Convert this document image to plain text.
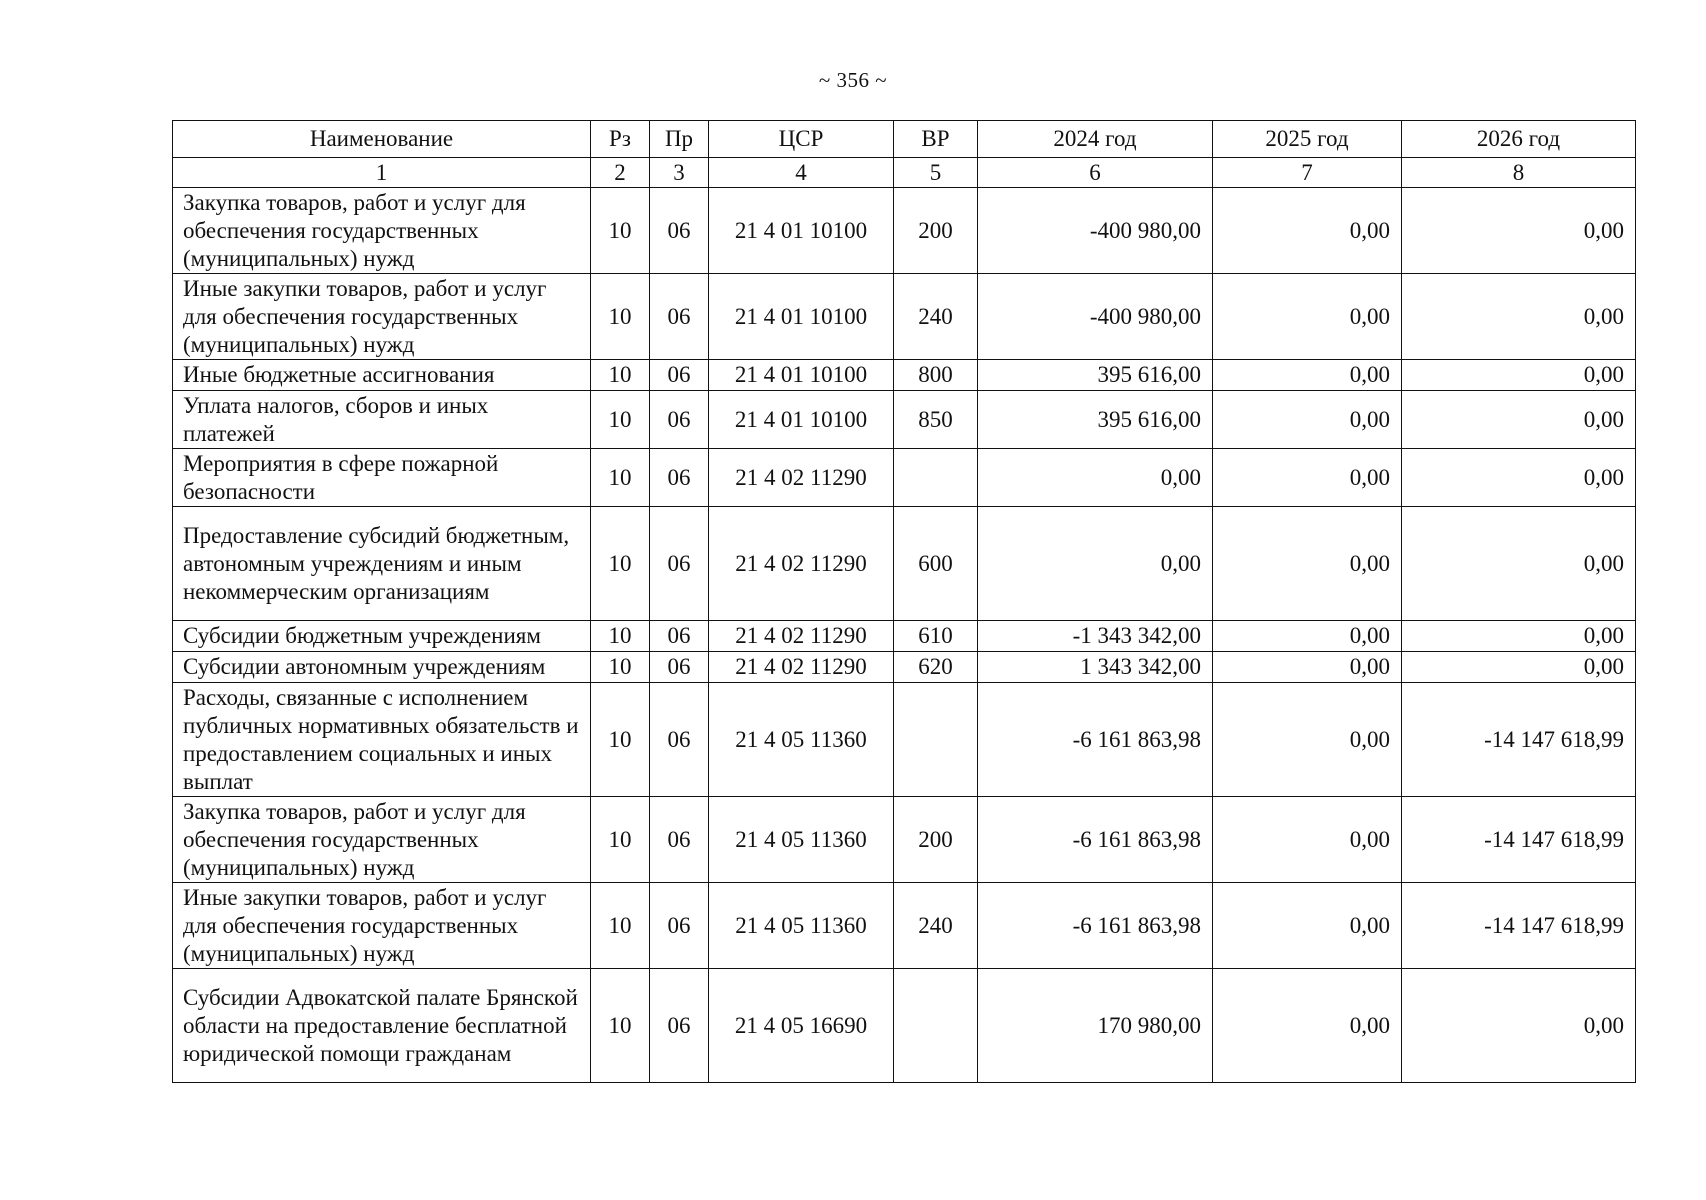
~ 356 ~
Наименование	Рз	Пр	ЦСР	ВР	2024 год	2025 год	2026 год
1	2	3	4	5	6	7	8
Закупка товаров, работ и услуг для обеспечения государственных (муниципальных) нужд	10	06	21 4 01 10100	200	-400 980,00	0,00	0,00
Иные закупки товаров, работ и услуг для обеспечения государственных (муниципальных) нужд	10	06	21 4 01 10100	240	-400 980,00	0,00	0,00
Иные бюджетные ассигнования	10	06	21 4 01 10100	800	395 616,00	0,00	0,00
Уплата налогов, сборов и иных платежей	10	06	21 4 01 10100	850	395 616,00	0,00	0,00
Мероприятия в сфере пожарной безопасности	10	06	21 4 02 11290		0,00	0,00	0,00
Предоставление субсидий бюджетным, автономным учреждениям и иным некоммерческим организациям	10	06	21 4 02 11290	600	0,00	0,00	0,00
Субсидии бюджетным учреждениям	10	06	21 4 02 11290	610	-1 343 342,00	0,00	0,00
Субсидии автономным учреждениям	10	06	21 4 02 11290	620	1 343 342,00	0,00	0,00
Расходы, связанные с исполнением публичных нормативных обязательств и предоставлением социальных и иных выплат	10	06	21 4 05 11360		-6 161 863,98	0,00	-14 147 618,99
Закупка товаров, работ и услуг для обеспечения государственных (муниципальных) нужд	10	06	21 4 05 11360	200	-6 161 863,98	0,00	-14 147 618,99
Иные закупки товаров, работ и услуг для обеспечения государственных (муниципальных) нужд	10	06	21 4 05 11360	240	-6 161 863,98	0,00	-14 147 618,99
Субсидии Адвокатской палате Брянской области на предоставление бесплатной юридической помощи гражданам	10	06	21 4 05 16690		170 980,00	0,00	0,00
